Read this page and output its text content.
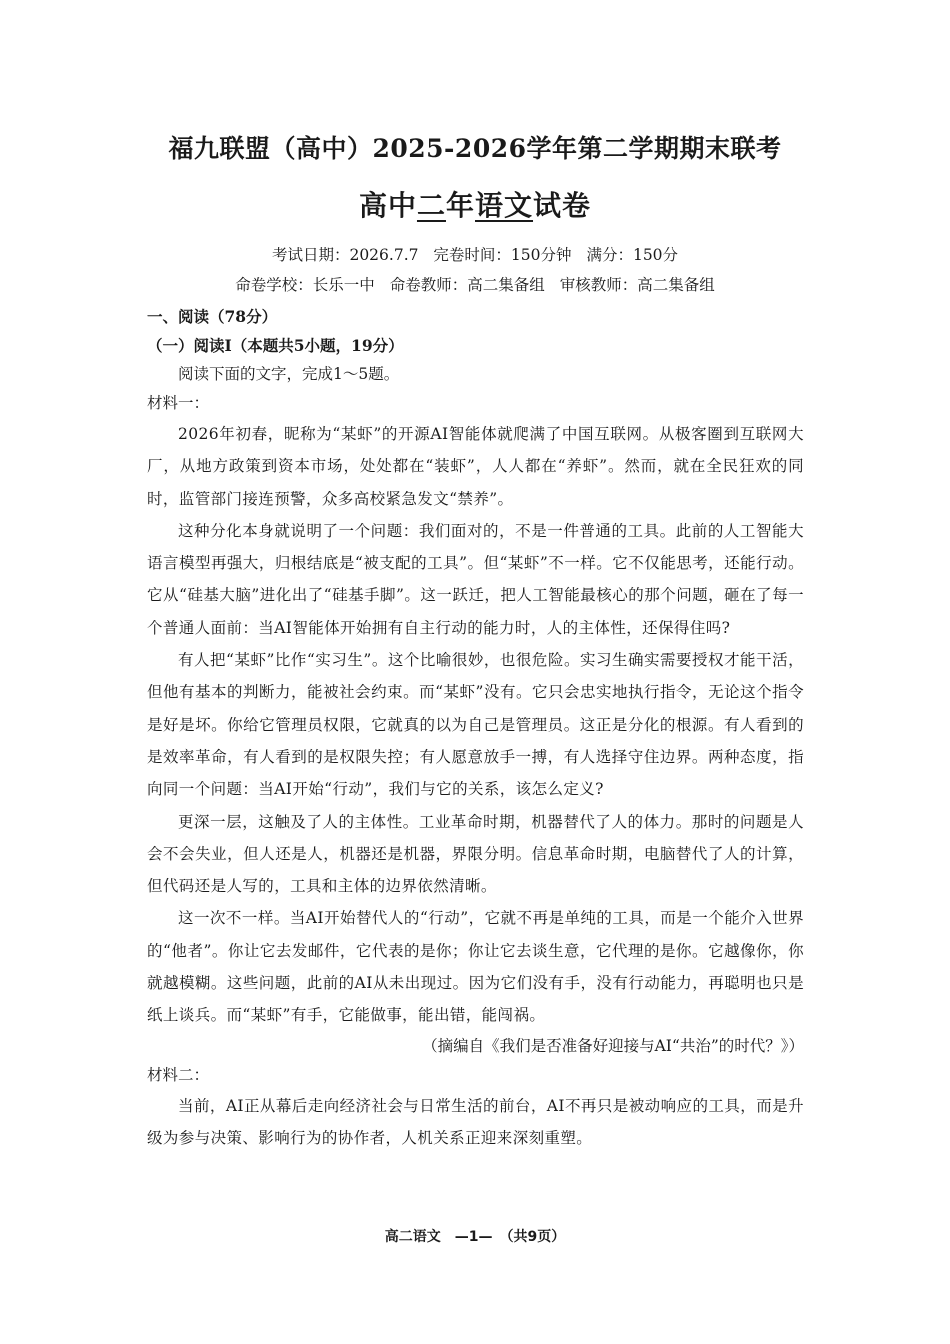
福九联盟（高中）2025-2026学年第二学期期末联考
高中二年语文试卷
考试日期：2026.7.7 完卷时间：150分钟 满分：150分
命卷学校：长乐一中 命卷教师：高二集备组 审核教师：高二集备组
一、阅读（78分）
（一）阅读Ⅰ（本题共5小题，19分）
阅读下面的文字，完成1～5题。
材料一：

2026年初春，昵称为“某虾”的开源AI智能体就爬满了中国互联网。从极客圈到互联网大厂，从地方政策到资本市场，处处都在“装虾”，人人都在“养虾”。然而，就在全民狂欢的同时，监管部门接连预警，众多高校紧急发文“禁养”。

这种分化本身就说明了一个问题：我们面对的，不是一件普通的工具。此前的人工智能大语言模型再强大，归根结底是“被支配的工具”。但“某虾”不一样。它不仅能思考，还能行动。它从“硅基大脑”进化出了“硅基手脚”。这一跃迁，把人工智能最核心的那个问题，砸在了每一个普通人面前：当AI智能体开始拥有自主行动的能力时，人的主体性，还保得住吗?

有人把“某虾”比作“实习生”。这个比喻很妙，也很危险。实习生确实需要授权才能干活，但他有基本的判断力，能被社会约束。而“某虾”没有。它只会忠实地执行指令，无论这个指令是好是坏。你给它管理员权限，它就真的以为自己是管理员。这正是分化的根源。有人看到的是效率革命，有人看到的是权限失控；有人愿意放手一搏，有人选择守住边界。两种态度，指向同一个问题：当AI开始“行动”，我们与它的关系，该怎么定义?

更深一层，这触及了人的主体性。工业革命时期，机器替代了人的体力。那时的问题是人会不会失业，但人还是人，机器还是机器，界限分明。信息革命时期，电脑替代了人的计算，但代码还是人写的，工具和主体的边界依然清晰。

这一次不一样。当AI开始替代人的“行动”，它就不再是单纯的工具，而是一个能介入世界的“他者”。你让它去发邮件，它代表的是你；你让它去谈生意，它代理的是你。它越像你，你就越模糊。这些问题，此前的AI从未出现过。因为它们没有手，没有行动能力，再聪明也只是纸上谈兵。而“某虾”有手，它能做事，能出错，能闯祸。

（摘编自《我们是否准备好迎接与AI“共治”的时代？》）
材料二：

当前，AI正从幕后走向经济社会与日常生活的前台，AI不再只是被动响应的工具，而是升级为参与决策、影响行为的协作者，人机关系正迎来深刻重塑。

高二语文　—1—　（共9页）
